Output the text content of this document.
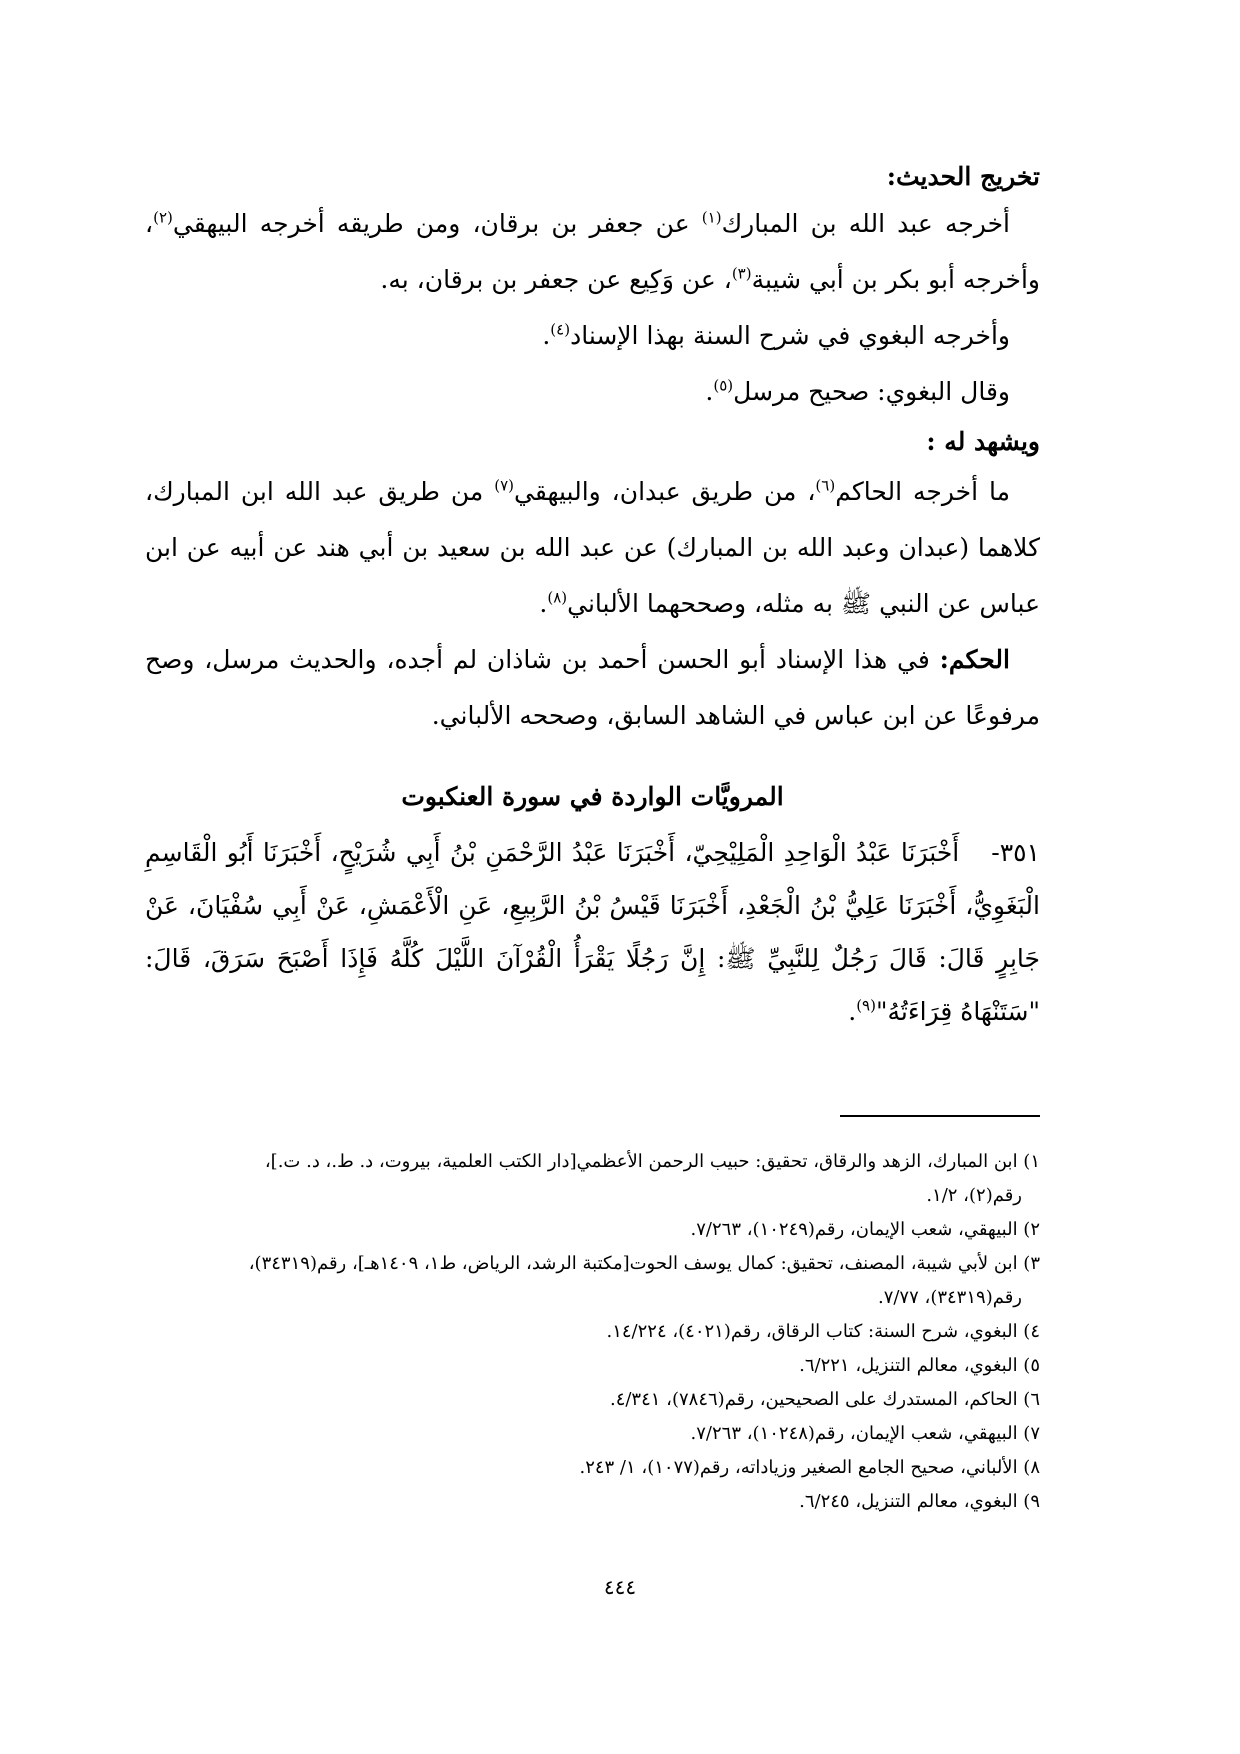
تخريج الحديث:

أخرجه عبد الله بن المبارك$^{(١)}$ عن جعفر بن برقان، ومن طريقه أخرجه البيهقي$^{(٢)}$، وأخرجه أبو بكر بن أبي شيبة$^{(٣)}$، عن وَكِيع عن جعفر بن برقان، به.

وأخرجه البغوي في شرح السنة بهذا الإسناد$^{(٤)}$.

وقال البغوي: صحيح مرسل$^{(٥)}$.

ويشهد له :

ما أخرجه الحاكم$^{(٦)}$، من طريق عبدان، والبيهقي$^{(٧)}$ من طريق عبد الله ابن المبارك، كلاهما (عبدان وعبد الله بن المبارك) عن عبد الله بن سعيد بن أبي هند عن أبيه عن ابن عباس عن النبي ﷺ به مثله، وصححهما الألباني$^{(٨)}$.

الحكم: في هذا الإسناد أبو الحسن أحمد بن شاذان لم أجده، والحديث مرسل، وصح مرفوعًا عن ابن عباس في الشاهد السابق، وصححه الألباني.

المرويَّات الواردة في سورة العنكبوت

٣٥١-أَخْبَرَنَا عَبْدُ الْوَاحِدِ الْمَلِيْحِيّ، أَخْبَرَنَا عَبْدُ الرَّحْمَنِ بْنُ أَبِي شُرَيْحٍ، أَخْبَرَنَا أَبُو الْقَاسِمِ الْبَغَوِيُّ، أَخْبَرَنَا عَلِيُّ بْنُ الْجَعْدِ، أَخْبَرَنَا قَيْسُ بْنُ الرَّبِيعِ، عَنِ الْأَعْمَشِ، عَنْ أَبِي سُفْيَانَ، عَنْ جَابِرٍ قَالَ: قَالَ رَجُلٌ لِلنَّبِيِّ ﷺ: إِنَّ رَجُلًا يَقْرَأُ الْقُرْآنَ اللَّيْلَ كُلَّهُ فَإِذَا أَصْبَحَ سَرَقَ، قَالَ: "سَتَنْهَاهُ قِرَاءَتُهُ"$^{(٩)}$.

١) ابن المبارك، الزهد والرقاق، تحقيق: حبيب الرحمن الأعظمي[دار الكتب العلمية، بيروت، د. ط.، د. ت.]،
رقم(٢)، ١/٢.

٢) البيهقي، شعب الإيمان، رقم(١٠٢٤٩)، ٧/٢٦٣.

٣) ابن لأبي شيبة، المصنف، تحقيق: كمال يوسف الحوت[مكتبة الرشد، الرياض، ط١، ١٤٠٩هـ]، رقم(٣٤٣١٩)،
رقم(٣٤٣١٩)، ٧/٧٧.

٤) البغوي، شرح السنة: كتاب الرقاق، رقم(٤٠٢١)، ١٤/٢٢٤.

٥) البغوي، معالم التنزيل، ٦/٢٢١.

٦) الحاكم، المستدرك على الصحيحين، رقم(٧٨٤٦)، ٤/٣٤١.

٧) البيهقي، شعب الإيمان، رقم(١٠٢٤٨)، ٧/٢٦٣.

٨) الألباني، صحيح الجامع الصغير وزياداته، رقم(١٠٧٧)، ١/ ٢٤٣.

٩) البغوي، معالم التنزيل، ٦/٢٤٥.

٤٤٤
